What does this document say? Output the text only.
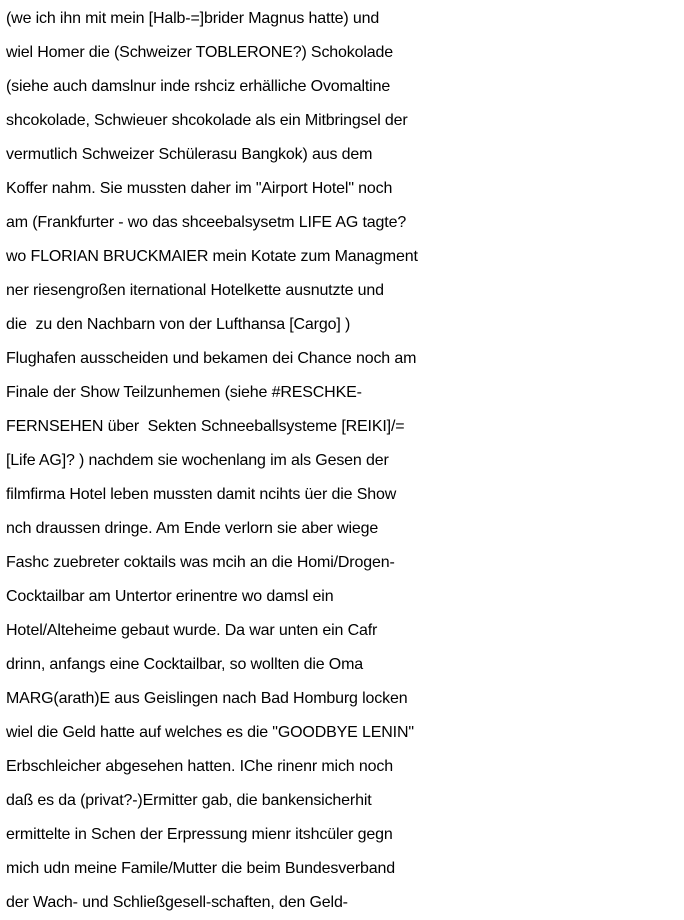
(we ich ihn mit mein [Halb-=]brider Magnus hatte) und
wiel Homer die (Schweizer TOBLERONE?) Schokolade
(siehe auch damslnur inde rshciz erhälliche Ovomaltine
shcokolade, Schwieuer shcokolade als ein Mitbringsel der
vermutlich Schweizer Schülerasu Bangkok) aus dem
Koffer nahm. Sie mussten daher im "Airport Hotel" noch
am (Frankfurter - wo das shceebalsysetm LIFE AG tagte?
wo FLORIAN BRUCKMAIER mein Kotate zum Managment
ner riesengroßen iternational Hotelkette ausnutzte und
die  zu den Nachbarn von der Lufthansa [Cargo] )
Flughafen ausscheiden und bekamen dei Chance noch am
Finale der Show Teilzunhemen (siehe #RESCHKE-
FERNSEHEN über  Sekten Schneeballsysteme [REIKI]/=
[Life AG]? ) nachdem sie wochenlang im als Gesen der
filmfirma Hotel leben mussten damit ncihts üer die Show
nch draussen dringe. Am Ende verlorn sie aber wiege
Fashc zuebreter coktails was mcih an die Homi/Drogen-
Cocktailbar am Untertor erinentre wo damsl ein
Hotel/Alteheime gebaut wurde. Da war unten ein Cafr
drinn, anfangs eine Cocktailbar, so wollten die Oma
MARG(arath)E aus Geislingen nach Bad Homburg locken
wiel die Geld hatte auf welches es die "GOODBYE LENIN"
Erbschleicher abgesehen hatten. IChe rinenr mich noch
daß es da (privat?-)Ermitter gab, die bankensicherhit
ermittelte in Schen der Erpressung mienr itshcüler gegn
mich udn meine Famile/Mutter die beim Bundesverband
der Wach- und Schließgesell-schaften, den Geld-
